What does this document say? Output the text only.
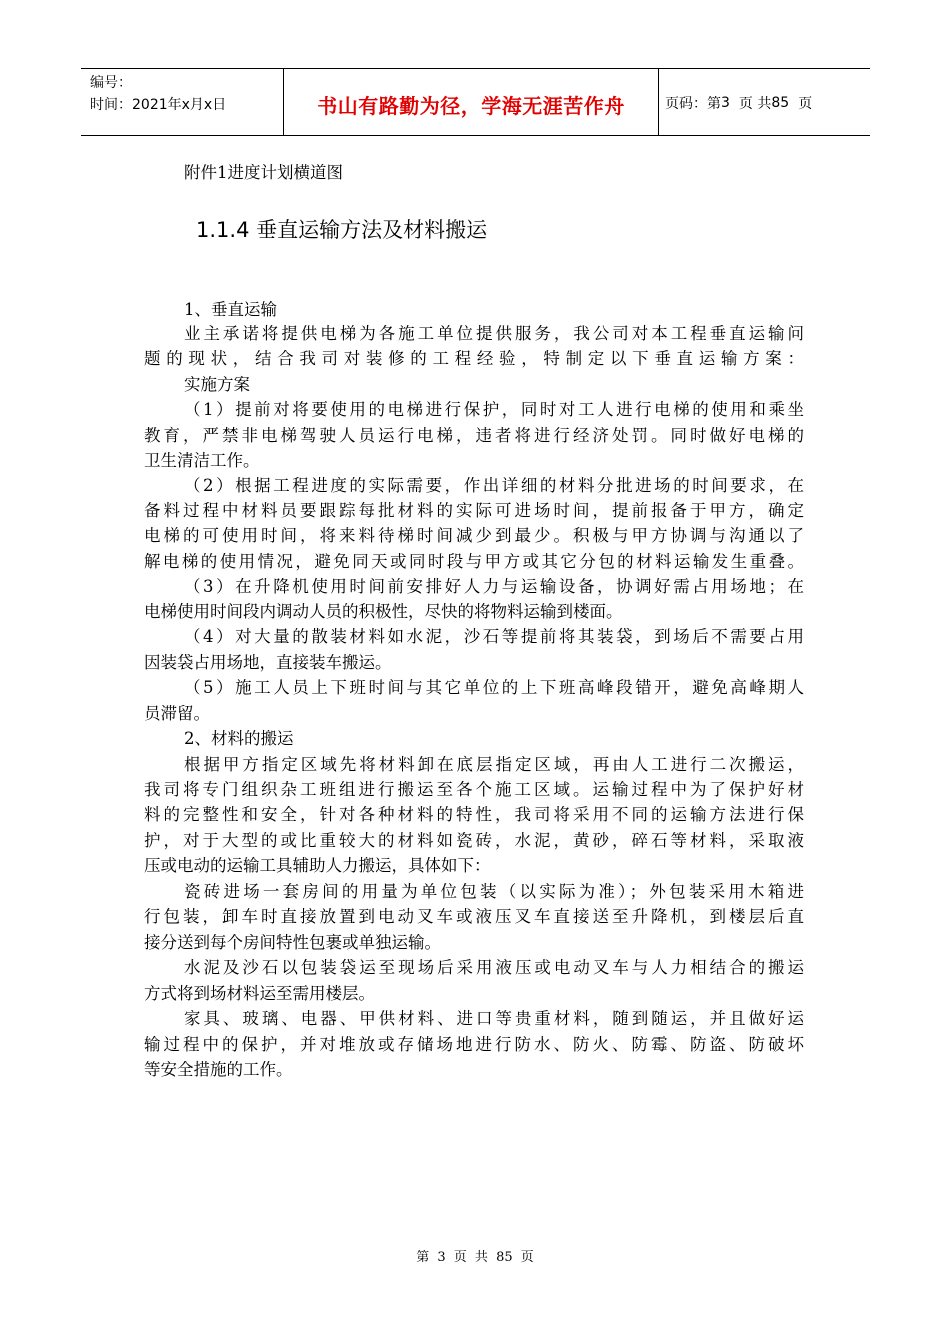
编号：
时间：2021年x月x日	书山有路勤为径，学海无涯苦作舟	页码：第 3 页 共 85 页
附件1进度计划横道图
1.1.4 垂直运输方法及材料搬运
1、垂直运输
业主承诺将提供电梯为各施工单位提供服务，我公司对本工程垂直运输问
题的现状，结合我司对装修的工程经验，特制定以下垂直运输方案：
实施方案
（1）提前对将要使用的电梯进行保护，同时对工人进行电梯的使用和乘坐
教育，严禁非电梯驾驶人员运行电梯，违者将进行经济处罚。同时做好电梯的
卫生清洁工作。
（2）根据工程进度的实际需要，作出详细的材料分批进场的时间要求，在
备料过程中材料员要跟踪每批材料的实际可进场时间，提前报备于甲方，确定
电梯的可使用时间，将来料待梯时间减少到最少。积极与甲方协调与沟通以了
解电梯的使用情况，避免同天或同时段与甲方或其它分包的材料运输发生重叠。
（3）在升降机使用时间前安排好人力与运输设备，协调好需占用场地；在
电梯使用时间段内调动人员的积极性，尽快的将物料运输到楼面。
（4）对大量的散装材料如水泥，沙石等提前将其装袋，到场后不需要占用
因装袋占用场地，直接装车搬运。
（5）施工人员上下班时间与其它单位的上下班高峰段错开，避免高峰期人
员滞留。
2、材料的搬运
根据甲方指定区域先将材料卸在底层指定区域，再由人工进行二次搬运，
我司将专门组织杂工班组进行搬运至各个施工区域。运输过程中为了保护好材
料的完整性和安全，针对各种材料的特性，我司将采用不同的运输方法进行保
护，对于大型的或比重较大的材料如瓷砖，水泥，黄砂，碎石等材料，采取液
压或电动的运输工具辅助人力搬运，具体如下：
瓷砖进场一套房间的用量为单位包装（以实际为准）；外包装采用木箱进
行包装，卸车时直接放置到电动叉车或液压叉车直接送至升降机，到楼层后直
接分送到每个房间特性包裹或单独运输。
水泥及沙石以包装袋运至现场后采用液压或电动叉车与人力相结合的搬运
方式将到场材料运至需用楼层。
家具、玻璃、电器、甲供材料、进口等贵重材料，随到随运，并且做好运
输过程中的保护，并对堆放或存储场地进行防水、防火、防霉、防盗、防破坏
等安全措施的工作。
第 3 页 共 85 页
